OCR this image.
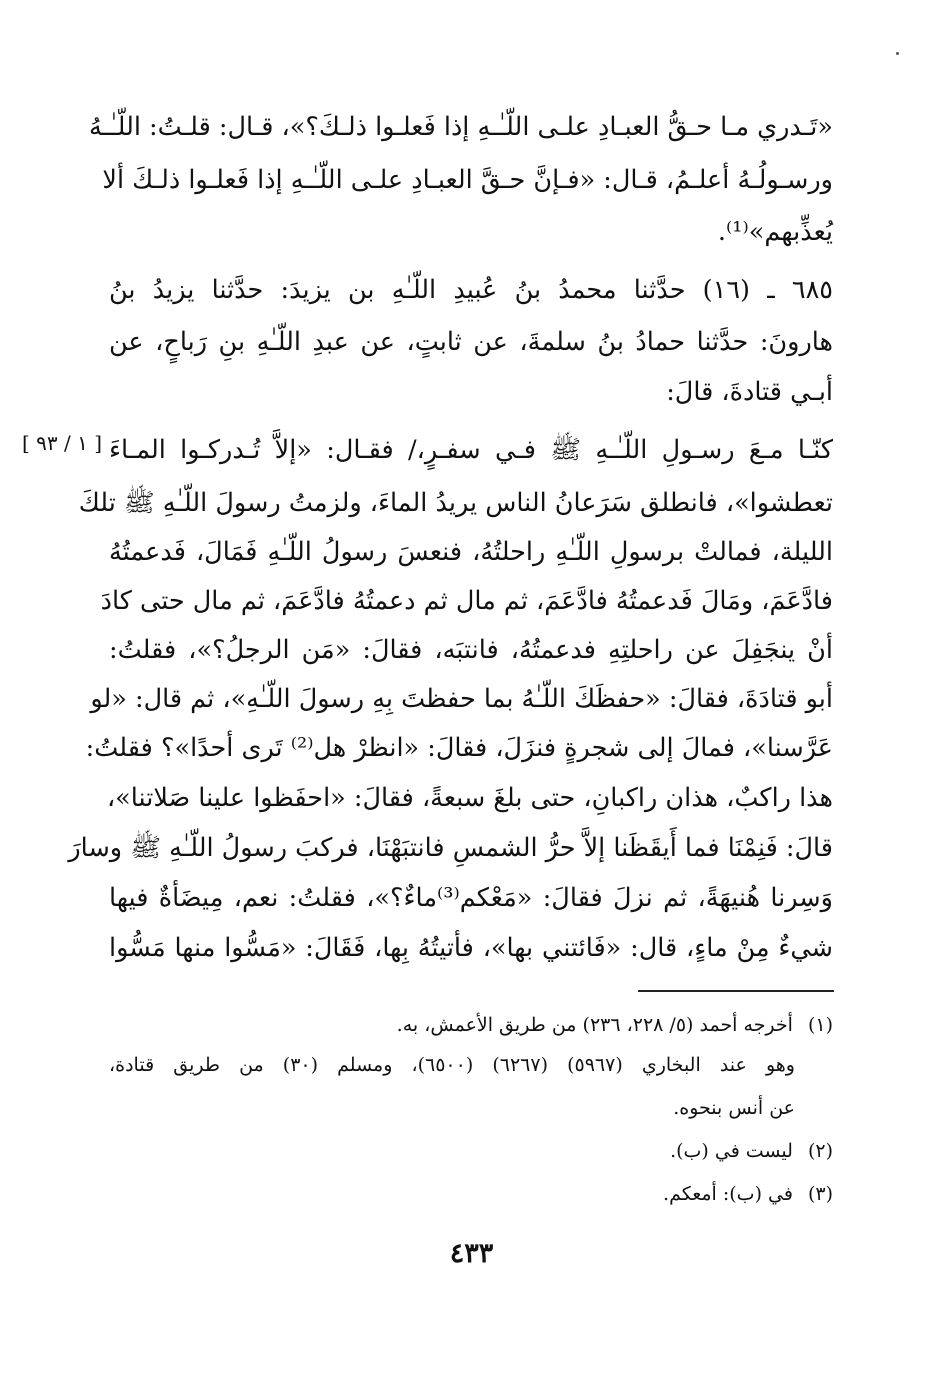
«تَـدري مـا حـقُّ العبـادِ علـى اللّـٰـهِ إذا فَعلـوا ذلـكَ؟»، قـال: قلـتُ: اللّـٰـهُ
ورسـولُـهُ أعلـمُ، قـال: «فـإنَّ حـقَّ العبـادِ علـى اللّـٰـهِ إذا فَعلـوا ذلـكَ ألا
يُعذِّبهم»⁽¹⁾.
٦٨٥ ـ (١٦) حدَّثنا محمدُ بنُ عُبيدِ اللّـٰهِ بن يزيدَ: حدَّثنا يزيدُ بنُ
هارونَ: حدَّثنا حمادُ بنُ سلمةَ، عن ثابتٍ، عن عبدِ اللّـٰهِ بنِ رَباحٍ، عن
أبـي قتادةَ، قالَ:
كنّـا مـعَ رسـولِ اللّـٰـهِ ﷺ فـي سفـرٍ،/ فقـال: «إلاَّ تُـدركـوا المـاءَ
تعطشوا»، فانطلق سَرَعانُ الناس يريدُ الماءَ، ولزمتُ رسولَ اللّـٰهِ ﷺ تلكَ
الليلة، فمالتْ برسولِ اللّـٰهِ راحلتُهُ، فنعسَ رسولُ اللّـٰهِ فَمَالَ، فَدعمتُهُ
فادَّعَمَ، ومَالَ فَدعمتُهُ فادَّعَمَ، ثم مال ثم دعمتُهُ فادَّعَمَ، ثم مال حتى كادَ
أنْ ينجَفِلَ عن راحلتِهِ فدعمتُهُ، فانتبَه، فقالَ: «مَن الرجلُ؟»، فقلتُ:
أبو قتادَةَ، فقالَ: «حفظَكَ اللّـٰهُ بما حفظتَ بِهِ رسولَ اللّـٰهِ»، ثم قال: «لو
عَرَّسنا»، فمالَ إلى شجرةٍ فنزَلَ، فقالَ: «انظرْ هل⁽²⁾ تَرى أحدًا»؟ فقلتُ:
هذا راكبٌ، هذان راكبانِ، حتى بلغَ سبعةً، فقالَ: «احفَظوا علينا صَلاتنا»،
قالَ: فَنِمْنَا فما أَيقَظَنا إلاَّ حرُّ الشمسِ فانتبَهْنَا، فركبَ رسولُ اللّـٰهِ ﷺ وسارَ
وَسِرنا هُنيهَةً، ثم نزلَ فقالَ: «مَعْكم⁽³⁾ماءٌ؟»، فقلتُ: نعم، مِيضَأةٌ فيها
شيءٌ مِنْ ماءٍ، قال: «فَائتني بها»، فأتيتُهُ بِها، فَقَالَ: «مَسُّوا منها مَسُّوا
[ ١ / ٩٣ ]
(١) أخرجه أحمد (٥/ ٢٢٨، ٢٣٦) من طريق الأعمش، به.
وهو عند البخاري (٥٩٦٧) (٦٢٦٧) (٦٥٠٠)، ومسلم (٣٠) من طريق قتادة،
عن أنس بنحوه.
(٢) ليست في (ب).
(٣) في (ب): أمعكم.
٤٣٣
